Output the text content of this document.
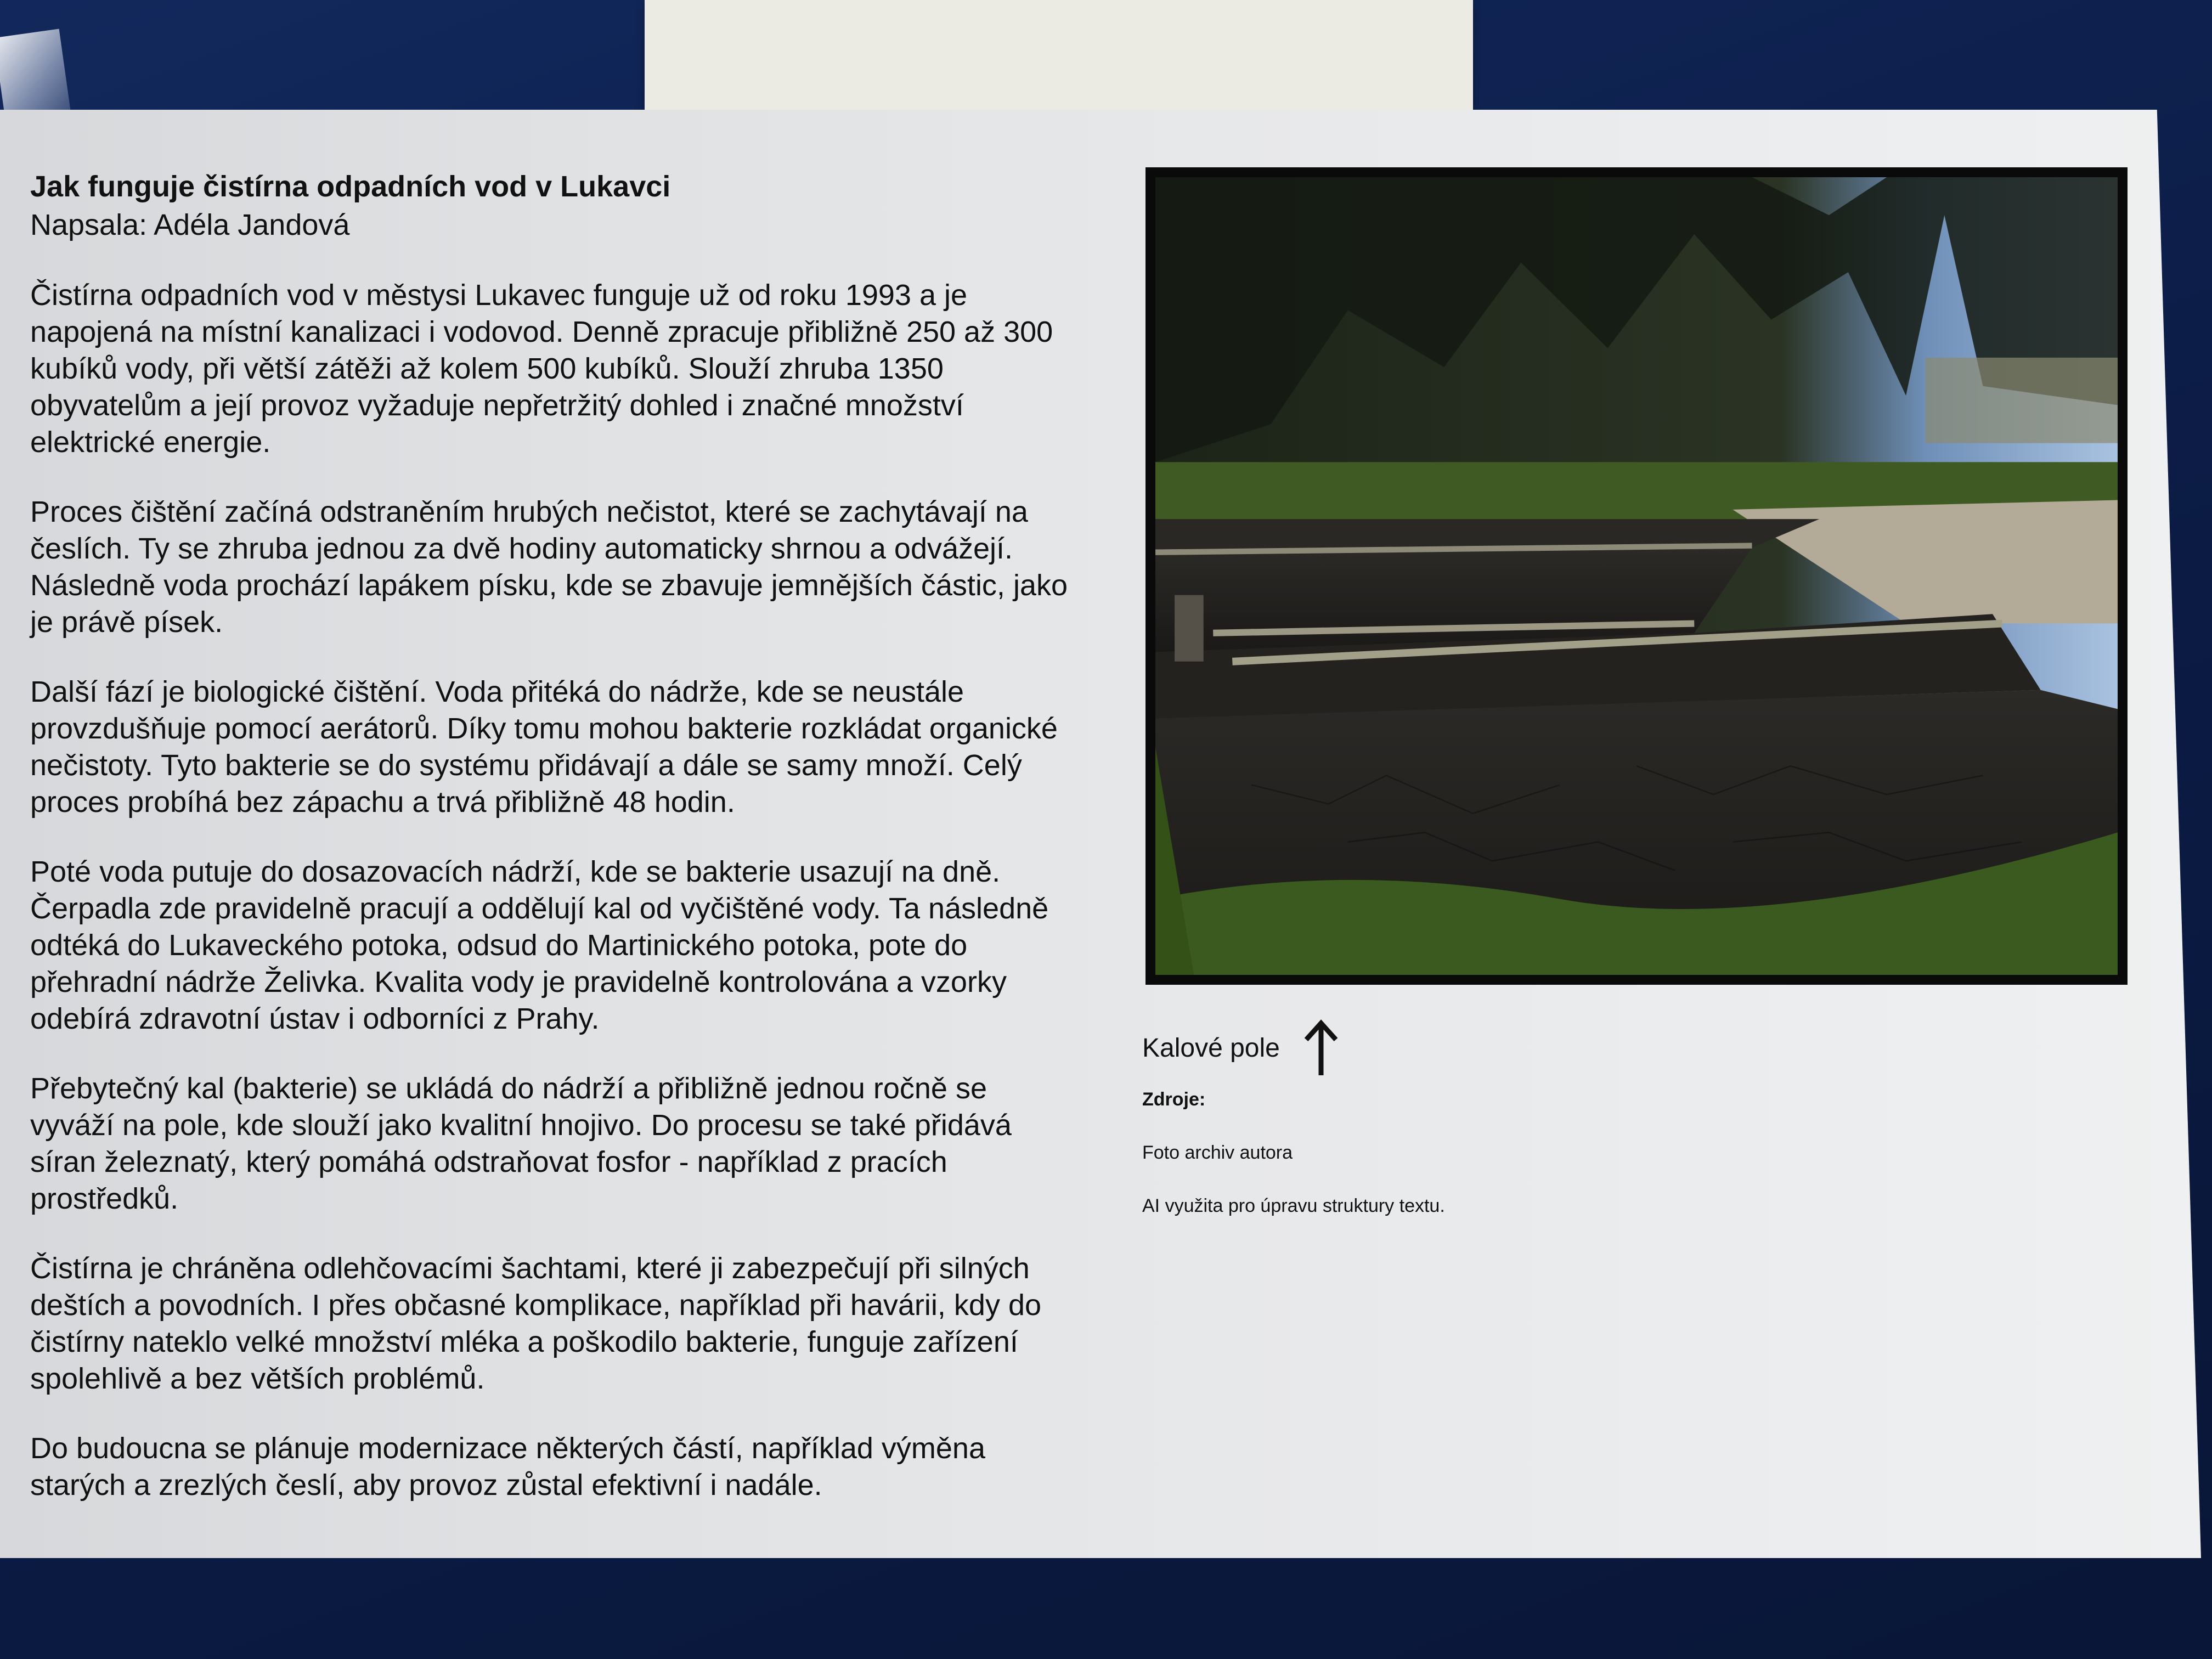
Jak funguje čistírna odpadních vod v Lukavci

Napsala: Adéla Jandová

Čistírna odpadních vod v městysi Lukavec funguje už od roku 1993 a je napojená na místní kanalizaci i vodovod. Denně zpracuje přibližně 250 až 300 kubíků vody, při větší zátěži až kolem 500 kubíků. Slouží zhruba 1350 obyvatelům a její provoz vyžaduje nepřetržitý dohled i značné množství elektrické energie.

Proces čištění začíná odstraněním hrubých nečistot, které se zachytávají na česlích. Ty se zhruba jednou za dvě hodiny automaticky shrnou a odvážejí. Následně voda prochází lapákem písku, kde se zbavuje jemnějších částic, jako je právě písek.

Další fází je biologické čištění. Voda přitéká do nádrže, kde se neustále provzdušňuje pomocí aerátorů. Díky tomu mohou bakterie rozkládat organické nečistoty. Tyto bakterie se do systému přidávají a dále se samy množí. Celý proces probíhá bez zápachu a trvá přibližně 48 hodin.

Poté voda putuje do dosazovacích nádrží, kde se bakterie usazují na dně. Čerpadla zde pravidelně pracují a oddělují kal od vyčištěné vody. Ta následně odtéká do Lukaveckého potoka, odsud do Martinického potoka, pote do přehradní nádrže Želivka. Kvalita vody je pravidelně kontrolována a vzorky odebírá zdravotní ústav i odborníci z Prahy.

Přebytečný kal (bakterie) se ukládá do nádrží a přibližně jednou ročně se vyváží na pole, kde slouží jako kvalitní hnojivo. Do procesu se také přidává síran železnatý, který pomáhá odstraňovat fosfor - například z pracích prostředků.

Čistírna je chráněna odlehčovacími šachtami, které ji zabezpečují při silných deštích a povodních. I přes občasné komplikace, například při havárii, kdy do čistírny nateklo velké množství mléka a poškodilo bakterie, funguje zařízení spolehlivě a bez větších problémů.

Do budoucna se plánuje modernizace některých částí, například výměna starých a zrezlých česlí, aby provoz zůstal efektivní i nadále.

Kalové pole
Zdroje:
Foto archiv autora
AI využita pro úpravu struktury textu.
